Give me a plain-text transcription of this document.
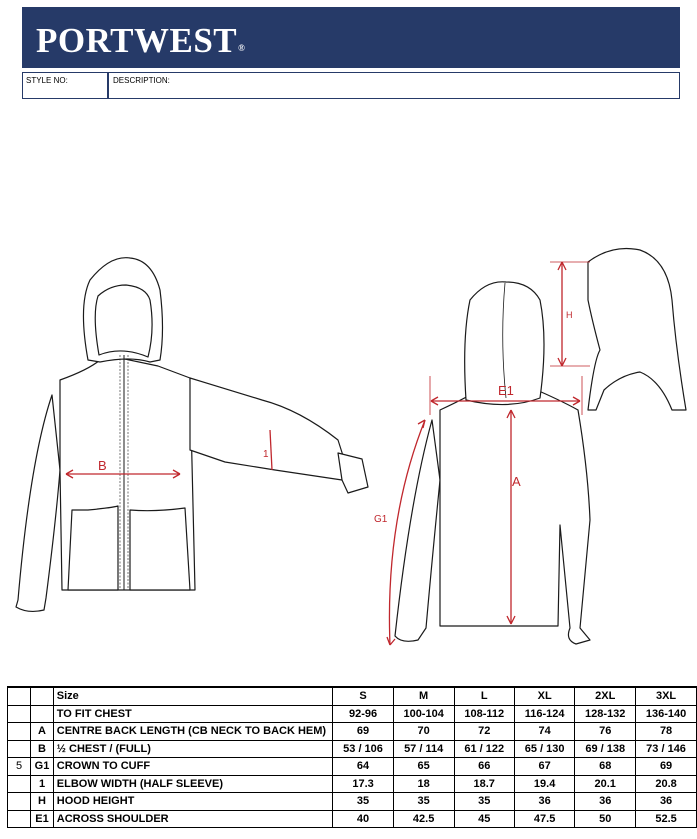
PORTWEST®
STYLE NO:	DESCRIPTION:
B
1
E1
A
G1
H
		Size	S	M	L	XL	2XL	3XL
		TO FIT CHEST	92-96	100-104	108-112	116-124	128-132	136-140
	A	CENTRE BACK LENGTH (CB NECK TO BACK HEM)	69	70	72	74	76	78
	B	½ CHEST / (FULL)	53 / 106	57 / 114	61 / 122	65 / 130	69 / 138	73 / 146
5	G1	CROWN TO CUFF	64	65	66	67	68	69
	1	ELBOW WIDTH (HALF SLEEVE)	17.3	18	18.7	19.4	20.1	20.8
	H	HOOD HEIGHT	35	35	35	36	36	36
	E1	ACROSS SHOULDER	40	42.5	45	47.5	50	52.5
